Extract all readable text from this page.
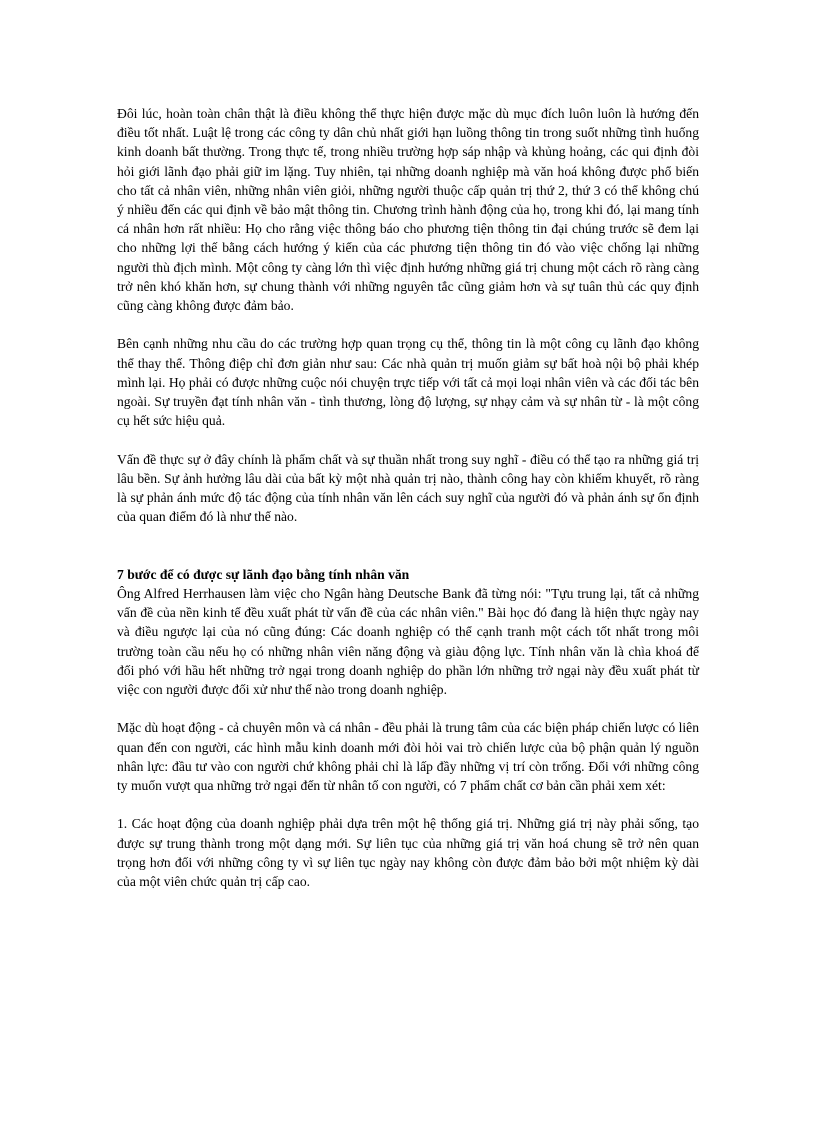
Đôi lúc, hoàn toàn chân thật là điều không thể thực hiện được mặc dù mục đích luôn luôn là hướng đến điều tốt nhất. Luật lệ trong các công ty dân chủ nhất giới hạn luồng thông tin trong suốt những tình huống kinh doanh bất thường. Trong thực tế, trong nhiều trường hợp sáp nhập và khủng hoảng, các qui định đòi hỏi giới lãnh đạo phải giữ im lặng. Tuy nhiên, tại những doanh nghiệp mà văn hoá không được phổ biến cho tất cả nhân viên, những nhân viên giỏi, những người thuộc cấp quản trị thứ 2, thứ 3 có thể không chú ý nhiều đến các qui định về bảo mật thông tin. Chương trình hành động của họ, trong khi đó, lại mang tính cá nhân hơn rất nhiều: Họ cho rằng việc thông báo cho phương tiện thông tin đại chúng trước sẽ đem lại cho những lợi thế bằng cách hướng ý kiến của các phương tiện thông tin đó vào việc chống lại những người thù địch mình. Một công ty càng lớn thì việc định hướng những giá trị chung một cách rõ ràng càng trở nên khó khăn hơn, sự chung thành với những nguyên tắc cũng giảm hơn và sự tuân thủ các quy định cũng càng không được đảm bảo.

Bên cạnh những nhu cầu do các trường hợp quan trọng cụ thể, thông tin là một công cụ lãnh đạo không thể thay thế. Thông điệp chỉ đơn giản như sau: Các nhà quản trị muốn giảm sự bất hoà nội bộ phải khép mình lại. Họ phải có được những cuộc nói chuyện trực tiếp với tất cả mọi loại nhân viên và các đối tác bên ngoài. Sự truyền đạt tính nhân văn - tình thương, lòng độ lượng, sự nhạy cảm và sự nhân từ - là một công cụ hết sức hiệu quả.

Vấn đề thực sự ở đây chính là phẩm chất và sự thuần nhất trong suy nghĩ - điều có thể tạo ra những giá trị lâu bền. Sự ảnh hưởng lâu dài của bất kỳ một nhà quản trị nào, thành công hay còn khiếm khuyết, rõ ràng là sự phản ánh mức độ tác động của tính nhân văn lên cách suy nghĩ của người đó và phản ánh sự ổn định của quan điểm đó là như thế nào.

7 bước để có được sự lãnh đạo bằng tính nhân văn

Ông Alfred Herrhausen làm việc cho Ngân hàng Deutsche Bank đã từng nói: "Tựu trung lại, tất cả những vấn đề của nền kinh tế đều xuất phát từ vấn đề của các nhân viên." Bài học đó đang là hiện thực ngày nay và điều ngược lại của nó cũng đúng: Các doanh nghiệp có thể cạnh tranh một cách tốt nhất trong môi trường toàn cầu nếu họ có những nhân viên năng động và giàu động lực. Tính nhân văn là chìa khoá để đối phó với hầu hết những trở ngại trong doanh nghiệp do phần lớn những trở ngại này đều xuất phát từ việc con người được đối xử như thế nào trong doanh nghiệp.

Mặc dù hoạt động - cả chuyên môn và cá nhân - đều phải là trung tâm của các biện pháp chiến lược có liên quan đến con người, các hình mẫu kinh doanh mới đòi hỏi vai trò chiến lược của bộ phận quản lý nguồn nhân lực: đầu tư vào con người chứ không phải chỉ là lấp đầy những vị trí còn trống. Đối với những công ty muốn vượt qua những trở ngại đến từ nhân tố con người, có 7 phẩm chất cơ bản cần phải xem xét:

1. Các hoạt động của doanh nghiệp phải dựa trên một hệ thống giá trị. Những giá trị này phải sống, tạo được sự trung thành trong một dạng mới. Sự liên tục của những giá trị văn hoá chung sẽ trở nên quan trọng hơn đối với những công ty vì sự liên tục ngày nay không còn được đảm bảo bởi một nhiệm kỳ dài của một viên chức quản trị cấp cao.
